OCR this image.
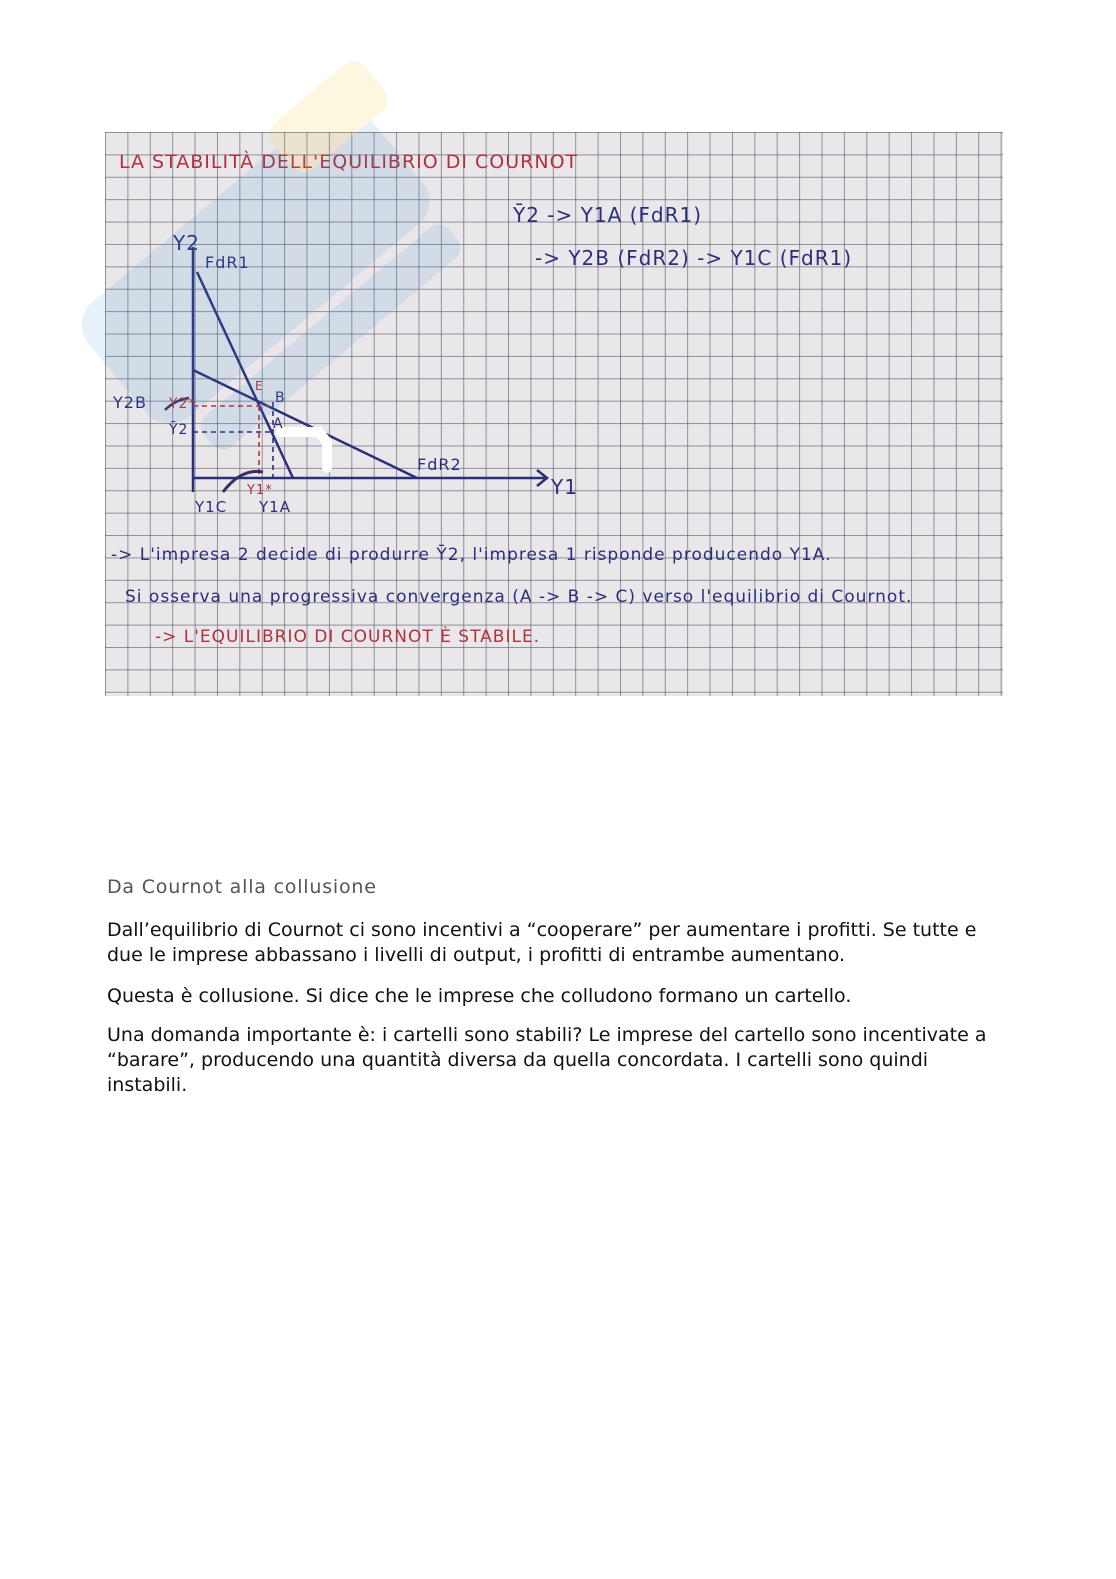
LA STABILITÀ DELL'EQUILIBRIO DI COURNOT
Ȳ2 -> Y1A (FdR1)
-> Y2B (FdR2) -> Y1C (FdR1)
Y2
Y1
FdR1
FdR2
Y2B Y2*
Ȳ2
E
B
A
Y1*
Y1C Y1A
-> L'impresa 2 decide di produrre Ȳ2, l'impresa 1 risponde producendo Y1A.
Si osserva una progressiva convergenza (A -> B -> C) verso l'equilibrio di Cournot.
-> L'EQUILIBRIO DI COURNOT È STABILE.
Da Cournot alla collusione

Dall’equilibrio di Cournot ci sono incentivi a “cooperare” per aumentare i profitti. Se tutte e due le imprese abbassano i livelli di output, i profitti di entrambe aumentano.

Questa è collusione. Si dice che le imprese che colludono formano un cartello.

Una domanda importante è: i cartelli sono stabili? Le imprese del cartello sono incentivate a “barare”, producendo una quantità diversa da quella concordata. I cartelli sono quindi instabili.
